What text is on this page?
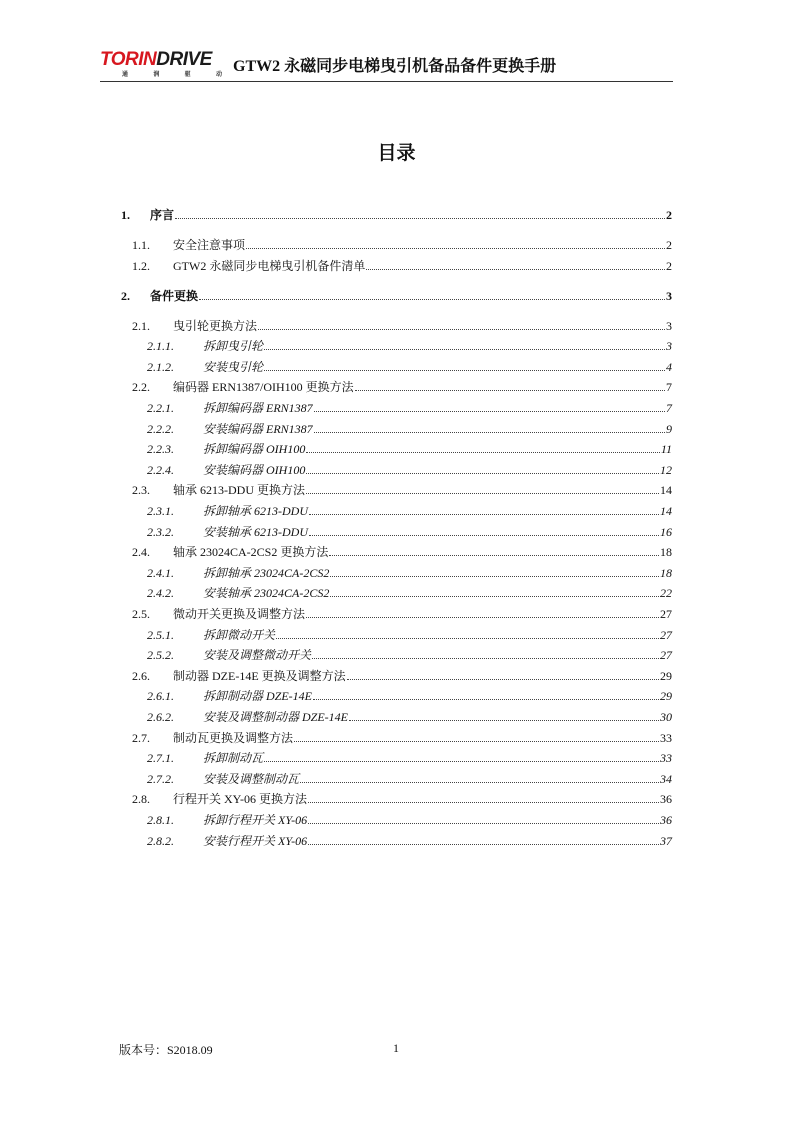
TORINDRIVE
通	润	驱	动 GTW2 永磁同步电梯曳引机备品备件更换手册
目录
1.	序言	2
1.1.	安全注意事项	2
1.2.	GTW2 永磁同步电梯曳引机备件清单	2
2.	备件更换	3
2.1.	曳引轮更换方法	3
2.1.1.	拆卸曳引轮	3
2.1.2.	安装曳引轮	4
2.2.	编码器 ERN1387/OIH100 更换方法	7
2.2.1.	拆卸编码器 ERN1387	7
2.2.2.	安装编码器 ERN1387	9
2.2.3.	拆卸编码器 OIH100	11
2.2.4.	安装编码器 OIH100	12
2.3.	轴承 6213-DDU 更换方法	14
2.3.1.	拆卸轴承 6213-DDU	14
2.3.2.	安装轴承 6213-DDU	16
2.4.	轴承 23024CA-2CS2 更换方法	18
2.4.1.	拆卸轴承 23024CA-2CS2	18
2.4.2.	安装轴承 23024CA-2CS2	22
2.5.	微动开关更换及调整方法	27
2.5.1.	拆卸微动开关	27
2.5.2.	安装及调整微动开关	27
2.6.	制动器 DZE-14E 更换及调整方法	29
2.6.1.	拆卸制动器 DZE-14E	29
2.6.2.	安装及调整制动器 DZE-14E	30
2.7.	制动瓦更换及调整方法	33
2.7.1.	拆卸制动瓦	33
2.7.2.	安装及调整制动瓦	34
2.8.	行程开关 XY-06 更换方法	36
2.8.1.	拆卸行程开关 XY-06	36
2.8.2.	安装行程开关 XY-06	37
版本号：S2018.09	1
